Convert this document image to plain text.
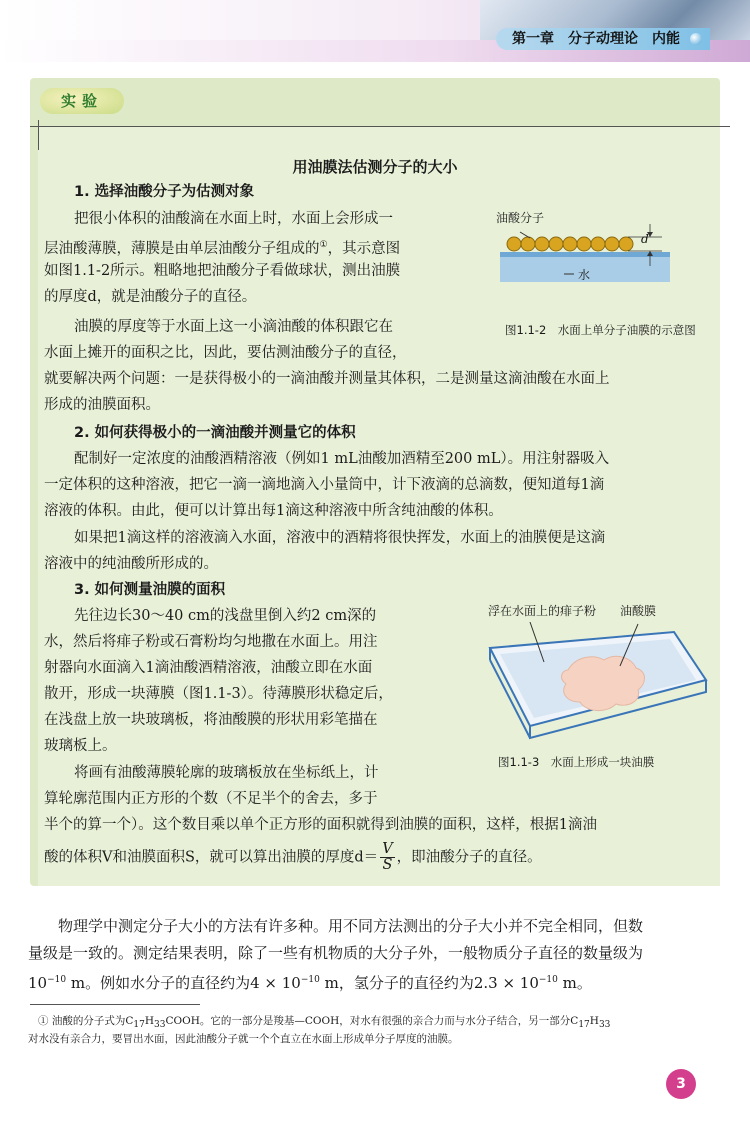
第一章　分子动理论　内能
实验
用油膜法估测分子的大小
1. 选择油酸分子为估测对象
把很小体积的油酸滴在水面上时，水面上会形成一
层油酸薄膜，薄膜是由单层油酸分子组成的①，其示意图
如图1.1-2所示。粗略地把油酸分子看做球状，测出油膜
的厚度d，就是油酸分子的直径。
油膜的厚度等于水面上这一小滴油酸的体积跟它在
水面上摊开的面积之比，因此，要估测油酸分子的直径，
就要解决两个问题：一是获得极小的一滴油酸并测量其体积，二是测量这滴油酸在水面上
形成的油膜面积。
油酸分子
d
水
图1.1-2　水面上单分子油膜的示意图
2. 如何获得极小的一滴油酸并测量它的体积
配制好一定浓度的油酸酒精溶液（例如1 mL油酸加酒精至200 mL）。用注射器吸入
一定体积的这种溶液，把它一滴一滴地滴入小量筒中，计下液滴的总滴数，便知道每1滴
溶液的体积。由此，便可以计算出每1滴这种溶液中所含纯油酸的体积。
如果把1滴这样的溶液滴入水面，溶液中的酒精将很快挥发，水面上的油膜便是这滴
溶液中的纯油酸所形成的。
3. 如何测量油膜的面积
先往边长30～40 cm的浅盘里倒入约2 cm深的
水，然后将痱子粉或石膏粉均匀地撒在水面上。用注
射器向水面滴入1滴油酸酒精溶液，油酸立即在水面
散开，形成一块薄膜（图1.1-3）。待薄膜形状稳定后，
在浅盘上放一块玻璃板，将油酸膜的形状用彩笔描在
玻璃板上。
将画有油酸薄膜轮廓的玻璃板放在坐标纸上，计
算轮廓范围内正方形的个数（不足半个的舍去，多于
半个的算一个）。这个数目乘以单个正方形的面积就得到油膜的面积，这样，根据1滴油
酸的体积V和油膜面积S，就可以算出油膜的厚度$d= \frac{V}{S}$ ，即油酸分子的直径。
浮在水面上的痱子粉 油酸膜
图1.1-3　水面上形成一块油膜
物理学中测定分子大小的方法有许多种。用不同方法测出的分子大小并不完全相同，但数
量级是一致的。测定结果表明，除了一些有机物质的大分子外，一般物质分子直径的数量级为
$10^{-10}$ m。例如水分子的直径约为$4 \times 10^{-10}$ m，氢分子的直径约为$2.3 \times 10^{-10}$ m。
① 油酸的分子式为$C_{17}H_{33}COOH$。它的一部分是羧基—COOH，对水有很强的亲合力而与水分子结合，另一部分$C_{17}H_{33}$
对水没有亲合力，要冒出水面，因此油酸分子就一个个直立在水面上形成单分子厚度的油膜。
3
